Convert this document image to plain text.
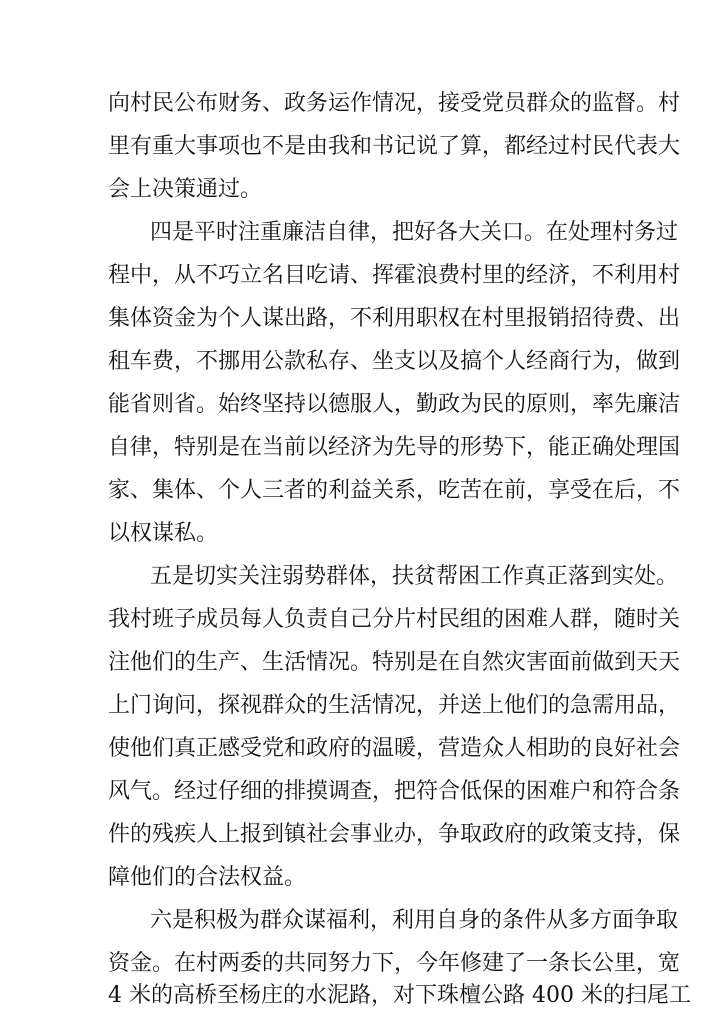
向村民公布财务、政务运作情况，接受党员群众的监督。村
里有重大事项也不是由我和书记说了算，都经过村民代表大
会上决策通过。
四是平时注重廉洁自律，把好各大关口。在处理村务过
程中，从不巧立名目吃请、挥霍浪费村里的经济，不利用村
集体资金为个人谋出路，不利用职权在村里报销招待费、出
租车费，不挪用公款私存、坐支以及搞个人经商行为，做到
能省则省。始终坚持以德服人，勤政为民的原则，率先廉洁
自律，特别是在当前以经济为先导的形势下，能正确处理国
家、集体、个人三者的利益关系，吃苦在前，享受在后，不
以权谋私。
五是切实关注弱势群体，扶贫帮困工作真正落到实处。
我村班子成员每人负责自己分片村民组的困难人群，随时关
注他们的生产、生活情况。特别是在自然灾害面前做到天天
上门询问，探视群众的生活情况，并送上他们的急需用品，
使他们真正感受党和政府的温暖，营造众人相助的良好社会
风气。经过仔细的排摸调查，把符合低保的困难户和符合条
件的残疾人上报到镇社会事业办，争取政府的政策支持，保
障他们的合法权益。
六是积极为群众谋福利，利用自身的条件从多方面争取
资金。在村两委的共同努力下，今年修建了一条长公里，宽
4 米的高桥至杨庄的水泥路，对下珠檀公路 400 米的扫尾工
